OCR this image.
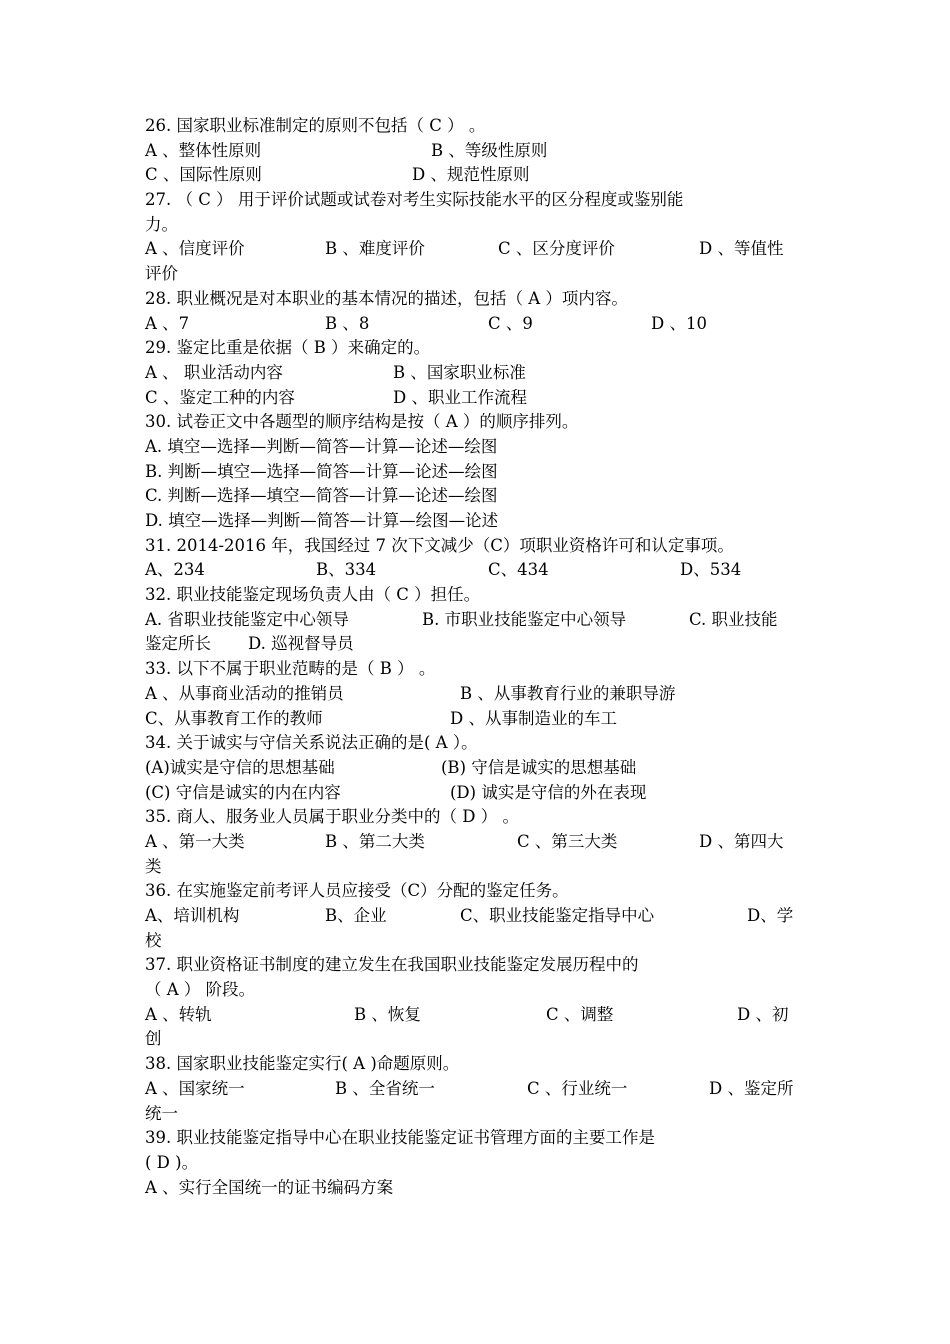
26. 国家职业标准制定的原则不包括（ C ） 。
A 、整体性原则	B 、等级性原则
C 、国际性原则	D 、规范性原则
27. （ C ） 用于评价试题或试卷对考生实际技能水平的区分程度或鉴别能
力。
A 、信度评价	B 、难度评价	C 、区分度评价	D 、等值性
评价
28. 职业概况是对本职业的基本情况的描述，包括（ A ）项内容。
A 、7	B 、8	C 、9	D 、10
29. 鉴定比重是依据（ B ）来确定的。
A 、 职业活动内容	B 、国家职业标准
C 、鉴定工种的内容	D 、职业工作流程
30. 试卷正文中各题型的顺序结构是按（ A ）的顺序排列。
A. 填空—选择—判断—简答—计算—论述—绘图
B. 判断—填空—选择—简答—计算—论述—绘图
C. 判断—选择—填空—简答—计算—论述—绘图
D. 填空—选择—判断—简答—计算—绘图—论述
31. 2014-2016 年，我国经过 7 次下文减少（C）项职业资格许可和认定事项。
A、234	B、334	C、434	D、534
32. 职业技能鉴定现场负责人由（ C ）担任。
A. 省职业技能鉴定中心领导	B. 市职业技能鉴定中心领导	C. 职业技能
鉴定所长 D. 巡视督导员
33. 以下不属于职业范畴的是（ B ） 。
A 、从事商业活动的推销员	B 、从事教育行业的兼职导游
C、从事教育工作的教师	D 、从事制造业的车工
34. 关于诚实与守信关系说法正确的是( A ）。
(A)诚实是守信的思想基础	(B) 守信是诚实的思想基础
(C) 守信是诚实的内在内容	(D) 诚实是守信的外在表现
35. 商人、服务业人员属于职业分类中的（ D ） 。
A 、第一大类	B 、第二大类	C 、第三大类	D 、第四大
类
36. 在实施鉴定前考评人员应接受（C）分配的鉴定任务。
A、培训机构	B、企业	C、职业技能鉴定指导中心	D、学
校
37. 职业资格证书制度的建立发生在我国职业技能鉴定发展历程中的
（ A ） 阶段。
A 、转轨	B 、恢复	C 、调整	D 、初
创
38. 国家职业技能鉴定实行( A )命题原则。
A 、国家统一	B 、全省统一	C 、行业统一	D 、鉴定所
统一
39. 职业技能鉴定指导中心在职业技能鉴定证书管理方面的主要工作是
( D )。
A 、实行全国统一的证书编码方案
